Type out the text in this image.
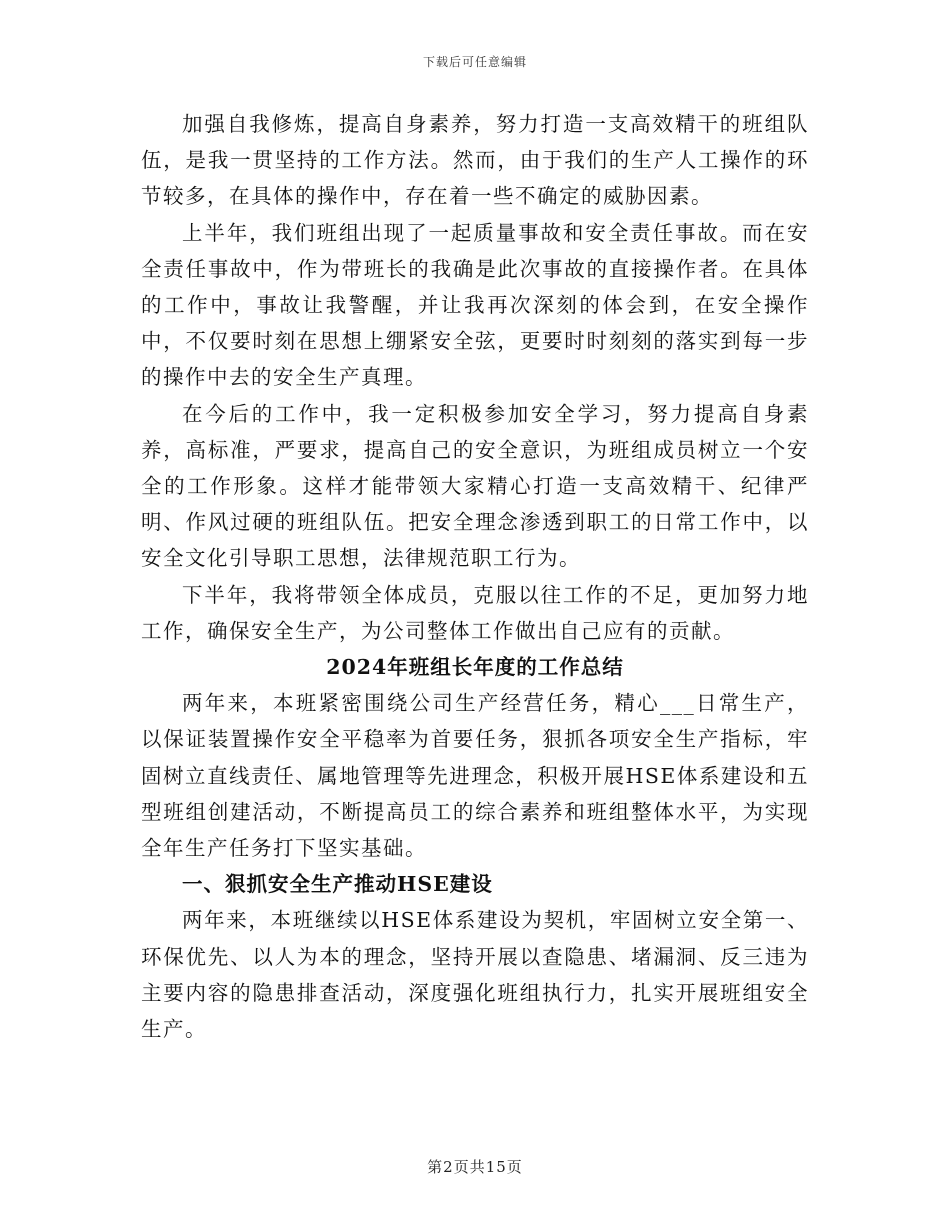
下载后可任意编辑

加强自我修炼，提高自身素养，努力打造一支高效精干的班组队伍，是我一贯坚持的工作方法。然而，由于我们的生产人工操作的环节较多，在具体的操作中，存在着一些不确定的威胁因素。

上半年，我们班组出现了一起质量事故和安全责任事故。而在安全责任事故中，作为带班长的我确是此次事故的直接操作者。在具体的工作中，事故让我警醒，并让我再次深刻的体会到，在安全操作中，不仅要时刻在思想上绷紧安全弦，更要时时刻刻的落实到每一步的操作中去的安全生产真理。

在今后的工作中，我一定积极参加安全学习，努力提高自身素养，高标准，严要求，提高自己的安全意识，为班组成员树立一个安全的工作形象。这样才能带领大家精心打造一支高效精干、纪律严明、作风过硬的班组队伍。把安全理念渗透到职工的日常工作中，以安全文化引导职工思想，法律规范职工行为。

下半年，我将带领全体成员，克服以往工作的不足，更加努力地工作，确保安全生产，为公司整体工作做出自己应有的贡献。

2024年班组长年度的工作总结

两年来，本班紧密围绕公司生产经营任务，精心___日常生产，以保证装置操作安全平稳率为首要任务，狠抓各项安全生产指标，牢固树立直线责任、属地管理等先进理念，积极开展HSE体系建设和五型班组创建活动，不断提高员工的综合素养和班组整体水平，为实现全年生产任务打下坚实基础。

一、狠抓安全生产推动HSE建设

两年来，本班继续以HSE体系建设为契机，牢固树立安全第一、环保优先、以人为本的理念，坚持开展以查隐患、堵漏洞、反三违为主要内容的隐患排查活动，深度强化班组执行力，扎实开展班组安全生产。

第2页共15页
